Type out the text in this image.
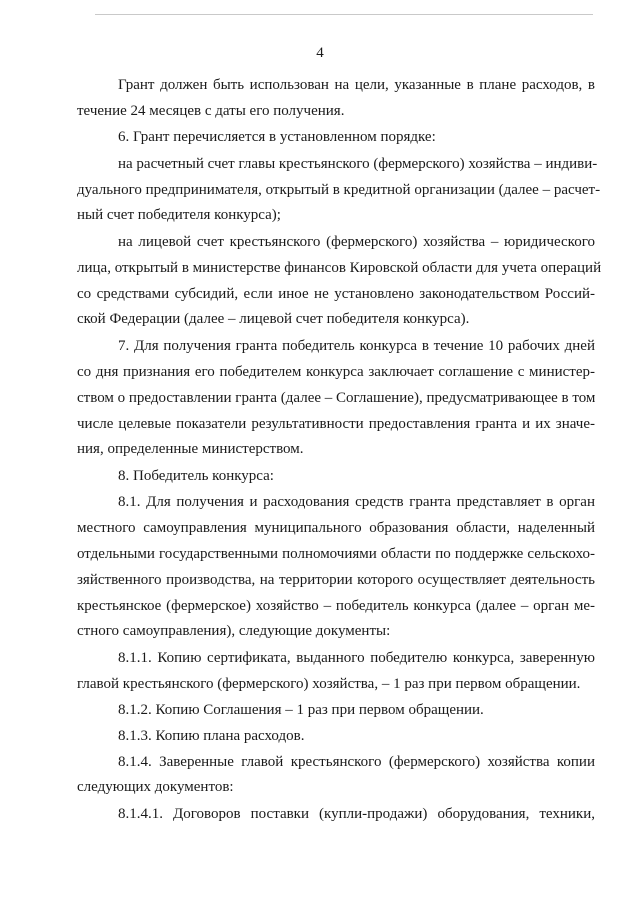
4
Грант должен быть использован на цели, указанные в плане расходов, в
течение 24 месяцев с даты его получения.
6. Грант перечисляется в установленном порядке:
на расчетный счет главы крестьянского (фермерского) хозяйства – индиви-
дуального предпринимателя, открытый в кредитной организации (далее – расчет-
ный счет победителя конкурса);
на лицевой счет крестьянского (фермерского) хозяйства – юридического
лица, открытый в министерстве финансов Кировской области для учета операций
со средствами субсидий, если иное не установлено законодательством Россий-
ской Федерации (далее – лицевой счет победителя конкурса).
7. Для получения гранта победитель конкурса в течение 10 рабочих дней
со дня признания его победителем конкурса заключает соглашение с министер-
ством о предоставлении гранта (далее – Соглашение), предусматривающее в том
числе целевые показатели результативности предоставления гранта и их значе-
ния, определенные министерством.
8. Победитель конкурса:
8.1. Для получения и расходования средств гранта представляет в орган
местного самоуправления муниципального образования области, наделенный
отдельными государственными полномочиями области по поддержке сельскохо-
зяйственного производства, на территории которого осуществляет деятельность
крестьянское (фермерское) хозяйство – победитель конкурса (далее – орган ме-
стного самоуправления), следующие документы:
8.1.1. Копию сертификата, выданного победителю конкурса, заверенную
главой крестьянского (фермерского) хозяйства, – 1 раз при первом обращении.
8.1.2. Копию Соглашения – 1 раз при первом обращении.
8.1.3. Копию плана расходов.
8.1.4. Заверенные главой крестьянского (фермерского) хозяйства копии
следующих документов:
8.1.4.1. Договоров поставки (купли-продажи) оборудования, техники,
